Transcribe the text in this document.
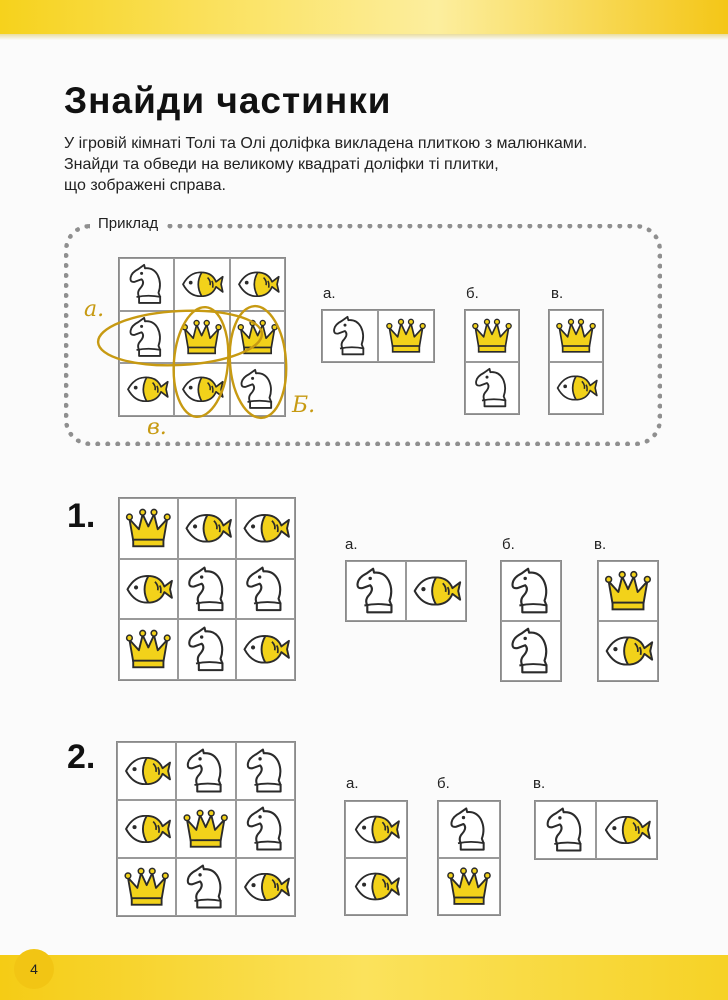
Знайди частинки

У ігровій кімнаті Толі та Олі доліфка викладена плиткою з малюнками.
Знайди та обведи на великому квадраті доліфки ті плитки,
що зображені справа.

Приклад
а.	б.	в.
а.
Б.
в.
1.
а.	б.	в.
2.
а.	б.	в.
4
